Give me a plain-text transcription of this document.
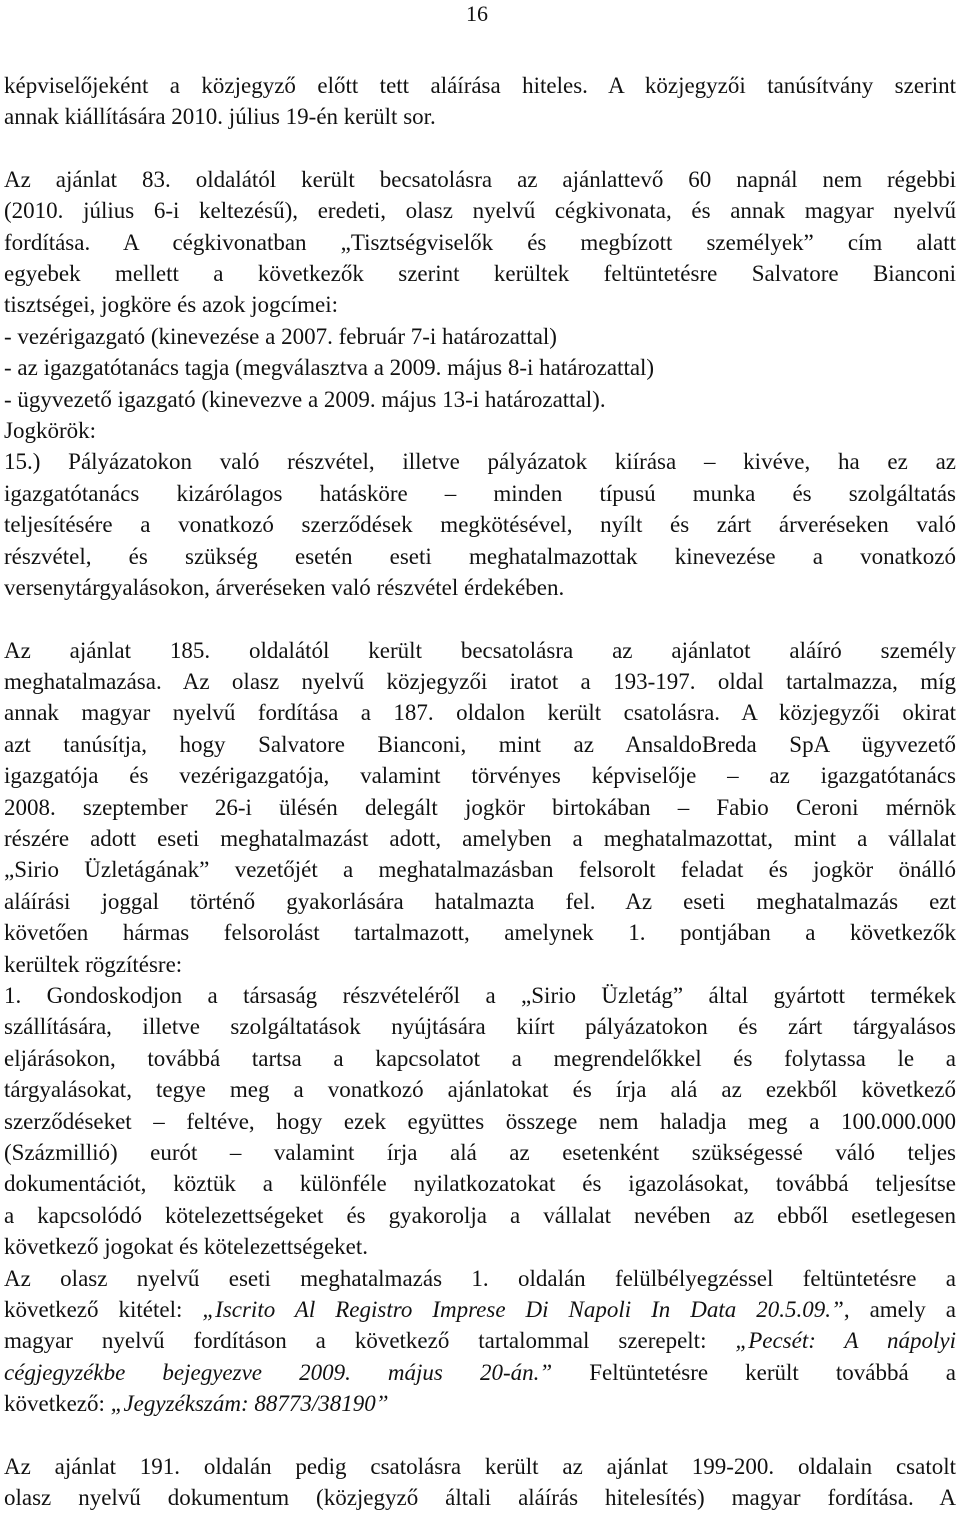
16
képviselőjeként a közjegyző előtt tett aláírása hiteles. A közjegyzői tanúsítvány szerint
annak kiállítására 2010. július 19-én került sor.
Az ajánlat 83. oldalától került becsatolásra az ajánlattevő 60 napnál nem régebbi
(2010. július 6-i keltezésű), eredeti, olasz nyelvű cégkivonata, és annak magyar nyelvű
fordítása. A cégkivonatban „Tisztségviselők és megbízott személyek” cím alatt
egyebek mellett a következők szerint kerültek feltüntetésre Salvatore Bianconi
tisztségei, jogköre és azok jogcímei:
- vezérigazgató (kinevezése a 2007. február 7-i határozattal)
- az igazgatótanács tagja (megválasztva a 2009. május 8-i határozattal)
- ügyvezető igazgató (kinevezve a 2009. május 13-i határozattal).
Jogkörök:
15.) Pályázatokon való részvétel, illetve pályázatok kiírása – kivéve, ha ez az
igazgatótanács kizárólagos hatásköre – minden típusú munka és szolgáltatás
teljesítésére a vonatkozó szerződések megkötésével, nyílt és zárt árveréseken való
részvétel, és szükség esetén eseti meghatalmazottak kinevezése a vonatkozó
versenytárgyalásokon, árveréseken való részvétel érdekében.
Az ajánlat 185. oldalától került becsatolásra az ajánlatot aláíró személy
meghatalmazása. Az olasz nyelvű közjegyzői iratot a 193-197. oldal tartalmazza, míg
annak magyar nyelvű fordítása a 187. oldalon került csatolásra. A közjegyzői okirat
azt tanúsítja, hogy Salvatore Bianconi, mint az AnsaldoBreda SpA ügyvezető
igazgatója és vezérigazgatója, valamint törvényes képviselője – az igazgatótanács
2008. szeptember 26-i ülésén delegált jogkör birtokában – Fabio Ceroni mérnök
részére adott eseti meghatalmazást adott, amelyben a meghatalmazottat, mint a vállalat
„Sirio Üzletágának” vezetőjét a meghatalmazásban felsorolt feladat és jogkör önálló
aláírási joggal történő gyakorlására hatalmazta fel. Az eseti meghatalmazás ezt
követően hármas felsorolást tartalmazott, amelynek 1. pontjában a következők
kerültek rögzítésre:
1. Gondoskodjon a társaság részvételéről a „Sirio Üzletág” által gyártott termékek
szállítására, illetve szolgáltatások nyújtására kiírt pályázatokon és zárt tárgyalásos
eljárásokon, továbbá tartsa a kapcsolatot a megrendelőkkel és folytassa le a
tárgyalásokat, tegye meg a vonatkozó ajánlatokat és írja alá az ezekből következő
szerződéseket – feltéve, hogy ezek együttes összege nem haladja meg a 100.000.000
(Százmillió) eurót – valamint írja alá az esetenként szükségessé váló teljes
dokumentációt, köztük a különféle nyilatkozatokat és igazolásokat, továbbá teljesítse
a kapcsolódó kötelezettségeket és gyakorolja a vállalat nevében az ebből esetlegesen
következő jogokat és kötelezettségeket.
Az olasz nyelvű eseti meghatalmazás 1. oldalán felülbélyegzéssel feltüntetésre a
következő kitétel: „Iscrito Al Registro Imprese Di Napoli In Data 20.5.09.”, amely a
magyar nyelvű fordításon a következő tartalommal szerepelt: „Pecsét: A nápolyi
cégjegyzékbe bejegyezve 2009. május 20-án.” Feltüntetésre került továbbá a
következő: „Jegyzékszám: 88773/38190”
Az ajánlat 191. oldalán pedig csatolásra került az ajánlat 199-200. oldalain csatolt
olasz nyelvű dokumentum (közjegyző általi aláírás hitelesítés) magyar fordítása. A
